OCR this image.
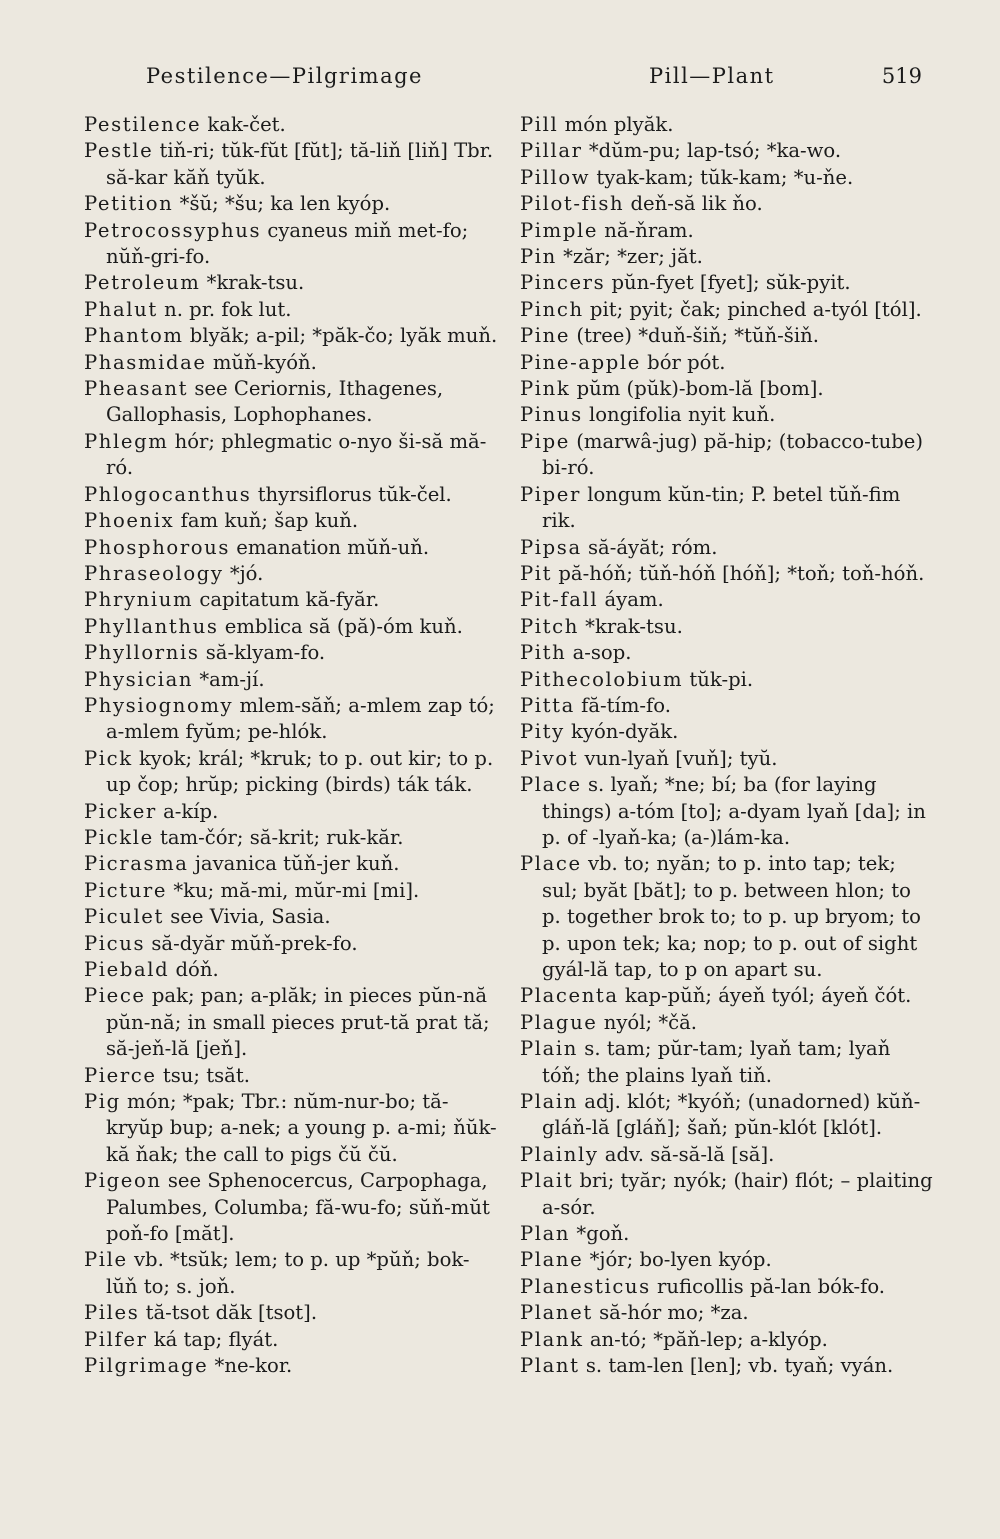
Pestilence—Pilgrimage	Pill—Plant	519

Pestilence kak-čet.

Pestle tiň-ri; tŭk-fŭt [fŭt]; tă-liň [liň] Tbr. să-kar kăň tyŭk.

Petition *šŭ; *šu; ka len kyóp.

Petrocossyphus cyaneus miň met-fo; nŭň-gri-fo.

Petroleum *krak-tsu.

Phalut n. pr. fok lut.

Phantom blyăk; a-pil; *păk-čo; lyăk muň.

Phasmidae mŭň-kyóň.

Pheasant see Ceriornis, Ithagenes, Gallophasis, Lophophanes.

Phlegm hór; phlegmatic o-nyo ši-să mă-ró.

Phlogocanthus thyrsiflorus tŭk-čel.

Phoenix fam kuň; šap kuň.

Phosphorous emanation mŭň-uň.

Phraseology *jó.

Phrynium capitatum kă-fyăr.

Phyllanthus emblica să (pă)-óm kuň.

Phyllornis să-klyam-fo.

Physician *am-jí.

Physiognomy mlem-săň; a-mlem zap tó; a-mlem fyŭm; pe-hlók.

Pick kyok; král; *kruk; to p. out kir; to p. up čop; hrŭp; picking (birds) ták ták.

Picker a-kíp.

Pickle tam-čór; să-krit; ruk-kăr.

Picrasma javanica tŭň-jer kuň.

Picture *ku; mă-mi, mŭr-mi [mi].

Piculet see Vivia, Sasia.

Picus să-dyăr mŭň-prek-fo.

Piebald dóň.

Piece pak; pan; a-plăk; in pieces pŭn-nă pŭn-nă; in small pieces prut-tă prat tă; să-jeň-lă [jeň].

Pierce tsu; tsăt.

Pig món; *pak; Tbr.: nŭm-nur-bo; tă-kryŭp bup; a-nek; a young p. a-mi; ňŭk-kă ňak; the call to pigs čŭ čŭ.

Pigeon see Sphenocercus, Carpophaga, Palumbes, Columba; fă-wu-fo; sŭň-mŭt poň-fo [măt].

Pile vb. *tsŭk; lem; to p. up *pŭň; bok-lŭň to; s. joň.

Piles tă-tsot dăk [tsot].

Pilfer ká tap; flyát.

Pilgrimage *ne-kor.

Pill món plyăk.

Pillar *dŭm-pu; lap-tsó; *ka-wo.

Pillow tyak-kam; tŭk-kam; *u-ňe.

Pilot-fish deň-să lik ňo.

Pimple nă-ňram.

Pin *zăr; *zer; jăt.

Pincers pŭn-fyet [fyet]; sŭk-pyit.

Pinch pit; pyit; čak; pinched a-tyól [tól].

Pine (tree) *duň-šiň; *tŭň-šiň.

Pine-apple bór pót.

Pink pŭm (pŭk)-bom-lă [bom].

Pinus longifolia nyit kuň.

Pipe (marwâ-jug) pă-hip; (tobacco-tube) bi-ró.

Piper longum kŭn-tin; P. betel tŭň-fim rik.

Pipsa să-áyăt; róm.

Pit pă-hóň; tŭň-hóň [hóň]; *toň; toň-hóň.

Pit-fall áyam.

Pitch *krak-tsu.

Pith a-sop.

Pithecolobium tŭk-pi.

Pitta fă-tím-fo.

Pity kyón-dyăk.

Pivot vun-lyaň [vuň]; tyŭ.

Place s. lyaň; *ne; bí; ba (for laying things) a-tóm [to]; a-dyam lyaň [da]; in p. of -lyaň-ka; (a-)lám-ka.

Place vb. to; nyăn; to p. into tap; tek; sul; byăt [băt]; to p. between hlon; to p. together brok to; to p. up bryom; to p. upon tek; ka; nop; to p. out of sight gyál-lă tap, to p on apart su.

Placenta kap-pŭň; áyeň tyól; áyeň čót.

Plague nyól; *čă.

Plain s. tam; pŭr-tam; lyaň tam; lyaň tóň; the plains lyaň tiň.

Plain adj. klót; *kyóň; (unadorned) kŭň-gláň-lă [gláň]; šaň; pŭn-klót [klót].

Plainly adv. să-să-lă [să].

Plait bri; tyăr; nyók; (hair) flót; – plaiting a-sór.

Plan *goň.

Plane *jór; bo-lyen kyóp.

Planesticus ruficollis pă-lan bók-fo.

Planet să-hór mo; *za.

Plank an-tó; *păň-lep; a-klyóp.

Plant s. tam-len [len]; vb. tyaň; vyán.
